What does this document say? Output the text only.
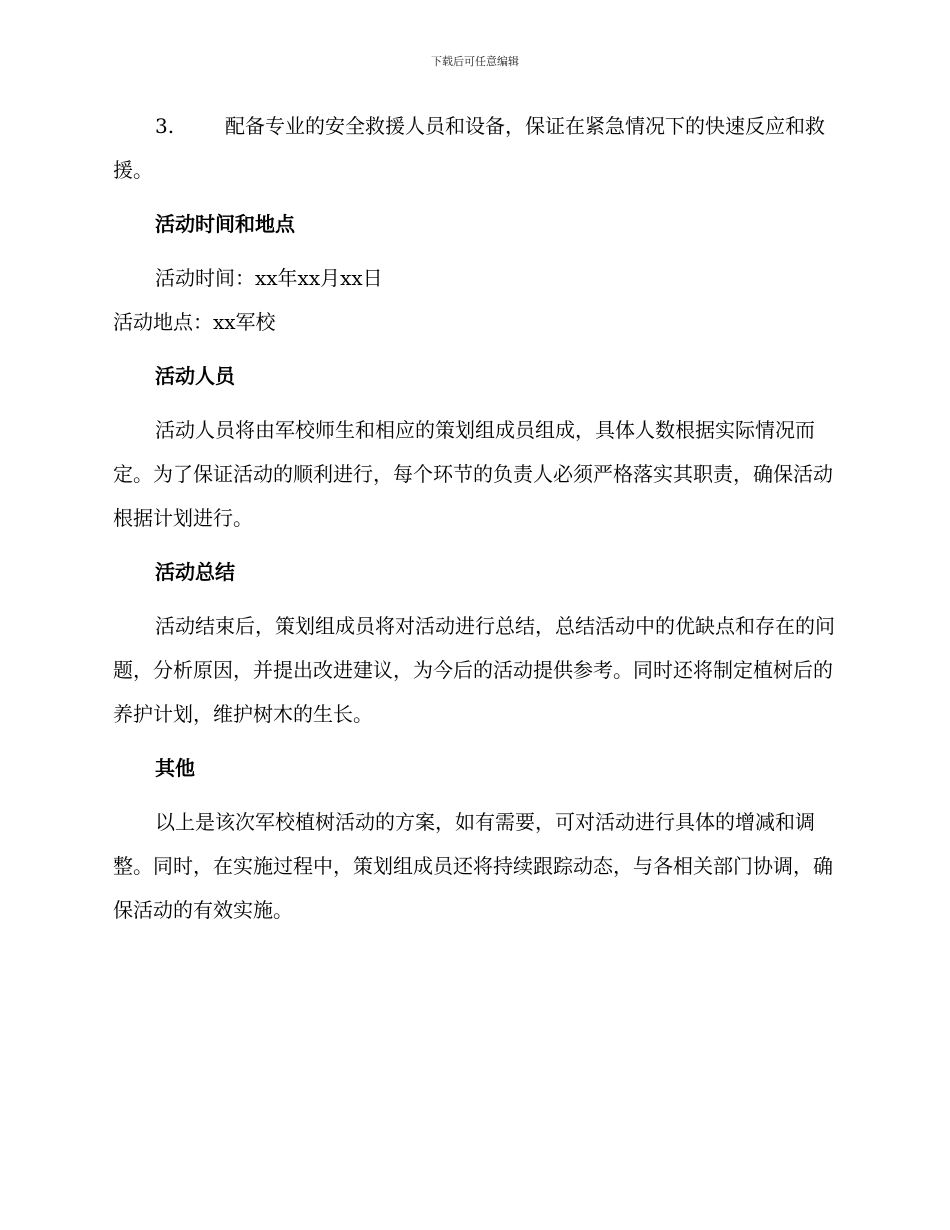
下载后可任意编辑

3.	配备专业的安全救援人员和设备，保证在紧急情况下的快速反应和救援。

活动时间和地点

活动时间：xx年xx月xx日

活动地点：xx军校

活动人员

活动人员将由军校师生和相应的策划组成员组成，具体人数根据实际情况而定。为了保证活动的顺利进行，每个环节的负责人必须严格落实其职责，确保活动根据计划进行。

活动总结

活动结束后，策划组成员将对活动进行总结，总结活动中的优缺点和存在的问题，分析原因，并提出改进建议，为今后的活动提供参考。同时还将制定植树后的养护计划，维护树木的生长。

其他

以上是该次军校植树活动的方案，如有需要，可对活动进行具体的增减和调整。同时，在实施过程中，策划组成员还将持续跟踪动态，与各相关部门协调，确保活动的有效实施。
